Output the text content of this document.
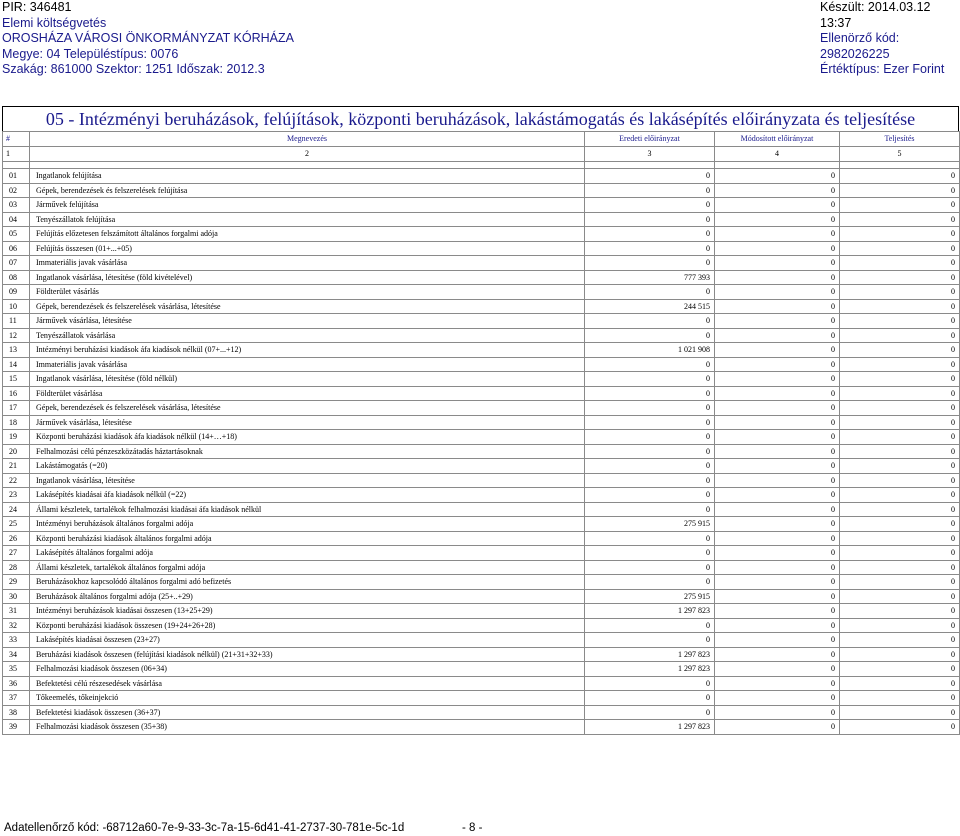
PIR: 346481
Elemi költségvetés
OROSHÁZA VÁROSI ÖNKORMÁNYZAT KÓRHÁZA
Megye: 04 Településtípus: 0076
Szakág: 861000 Szektor: 1251 Időszak: 2012.3
Készült: 2014.03.12 13:37
Ellenörző kód: 2982026225
Értéktípus: Ezer Forint
05 - Intézményi beruházások, felújítások, központi beruházások, lakástámogatás és lakásépítés előirányzata és teljesítése
#	Megnevezés	Eredeti előirányzat	Módosított előirányzat	Teljesítés
1	2	3	4	5

01	Ingatlanok felújítása	0	0	0
02	Gépek, berendezések és felszerelések felújítása	0	0	0
03	Járművek felújítása	0	0	0
04	Tenyészállatok felújítása	0	0	0
05	Felújítás előzetesen felszámított általános forgalmi adója	0	0	0
06	Felújítás összesen (01+...+05)	0	0	0
07	Immateriális javak vásárlása	0	0	0
08	Ingatlanok vásárlása, létesítése (föld kivételével)	777 393	0	0
09	Földterület vásárlás	0	0	0
10	Gépek, berendezések és felszerelések vásárlása, létesítése	244 515	0	0
11	Járművek vásárlása, létesítése	0	0	0
12	Tenyészállatok vásárlása	0	0	0
13	Intézményi beruházási kiadások áfa kiadások nélkül (07+...+12)	1 021 908	0	0
14	Immateriális javak vásárlása	0	0	0
15	Ingatlanok vásárlása, létesítése (föld nélkül)	0	0	0
16	Földterület vásárlása	0	0	0
17	Gépek, berendezések és felszerelések vásárlása, létesítése	0	0	0
18	Járművek vásárlása, létesítése	0	0	0
19	Központi beruházási kiadások áfa kiadások nélkül (14+…+18)	0	0	0
20	Felhalmozási célú pénzeszközátadás háztartásoknak	0	0	0
21	Lakástámogatás (=20)	0	0	0
22	Ingatlanok vásárlása, létesítése	0	0	0
23	Lakásépítés kiadásai áfa kiadások nélkül (=22)	0	0	0
24	Állami készletek, tartalékok felhalmozási kiadásai áfa kiadások nélkül	0	0	0
25	Intézményi beruházások általános forgalmi adója	275 915	0	0
26	Központi beruházási kiadások általános forgalmi adója	0	0	0
27	Lakásépítés általános forgalmi adója	0	0	0
28	Állami készletek, tartalékok általános forgalmi adója	0	0	0
29	Beruházásokhoz kapcsolódó általános forgalmi adó befizetés	0	0	0
30	Beruházások általános forgalmi adója (25+..+29)	275 915	0	0
31	Intézményi beruházások kiadásai összesen (13+25+29)	1 297 823	0	0
32	Központi beruházási kiadások összesen (19+24+26+28)	0	0	0
33	Lakásépítés kiadásai összesen (23+27)	0	0	0
34	Beruházási kiadások összesen (felújítási kiadások nélkül) (21+31+32+33)	1 297 823	0	0
35	Felhalmozási kiadások összesen (06+34)	1 297 823	0	0
36	Befektetési célú részesedések vásárlása	0	0	0
37	Tőkeemelés, tőkeinjekció	0	0	0
38	Befektetési kiadások összesen (36+37)	0	0	0
39	Felhalmozási kiadások összesen (35+38)	1 297 823	0	0
Adatellenőrző kód: -68712a60-7e-9-33-3c-7a-15-6d41-41-2737-30-781e-5c-1d	- 8 -
